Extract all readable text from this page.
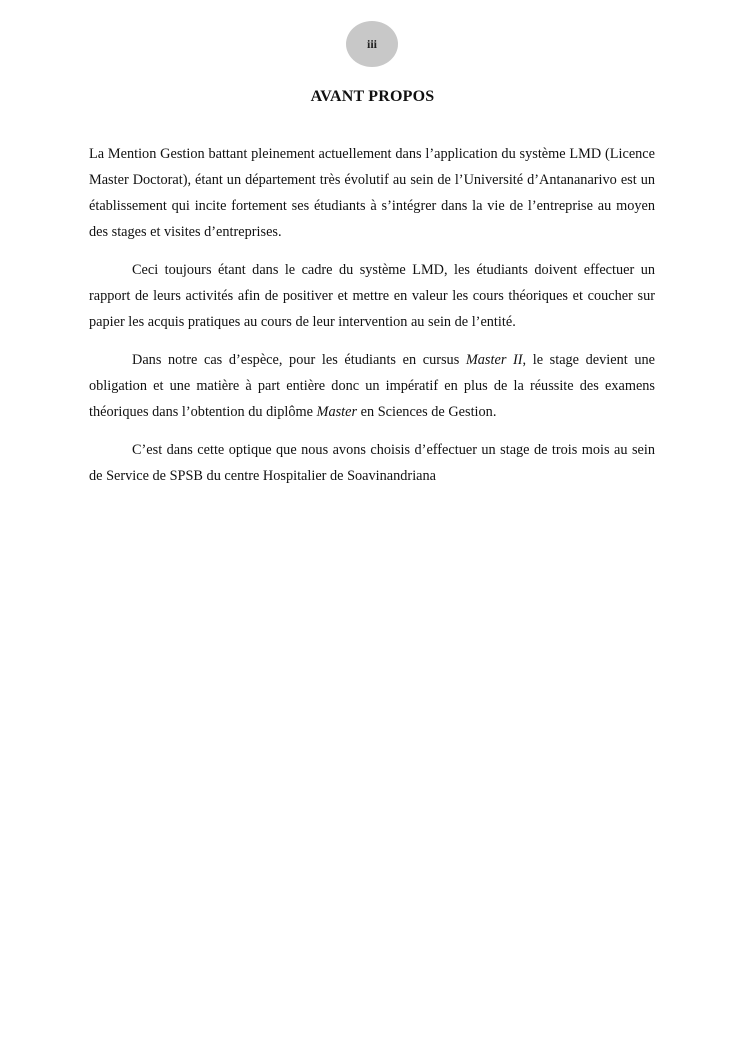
iii
AVANT PROPOS

La Mention Gestion battant pleinement actuellement dans l’application du système LMD (Licence Master Doctorat), étant un département très évolutif au sein de l’Université d’Antananarivo est un établissement qui incite fortement ses étudiants à s’intégrer dans la vie de l’entreprise au moyen des stages et visites d’entreprises.

Ceci toujours étant dans le cadre du système LMD, les étudiants doivent effectuer un rapport de leurs activités afin de positiver et mettre en valeur les cours théoriques et coucher sur papier les acquis pratiques au cours de leur intervention au sein de l’entité.

Dans notre cas d’espèce, pour les étudiants en cursus Master II, le stage devient une obligation et une matière à part entière donc un impératif en plus de la réussite des examens théoriques dans l’obtention du diplôme Master en Sciences de Gestion.

C’est dans cette optique que nous avons choisis d’effectuer un stage de trois mois au sein de Service de SPSB du centre Hospitalier de Soavinandriana
